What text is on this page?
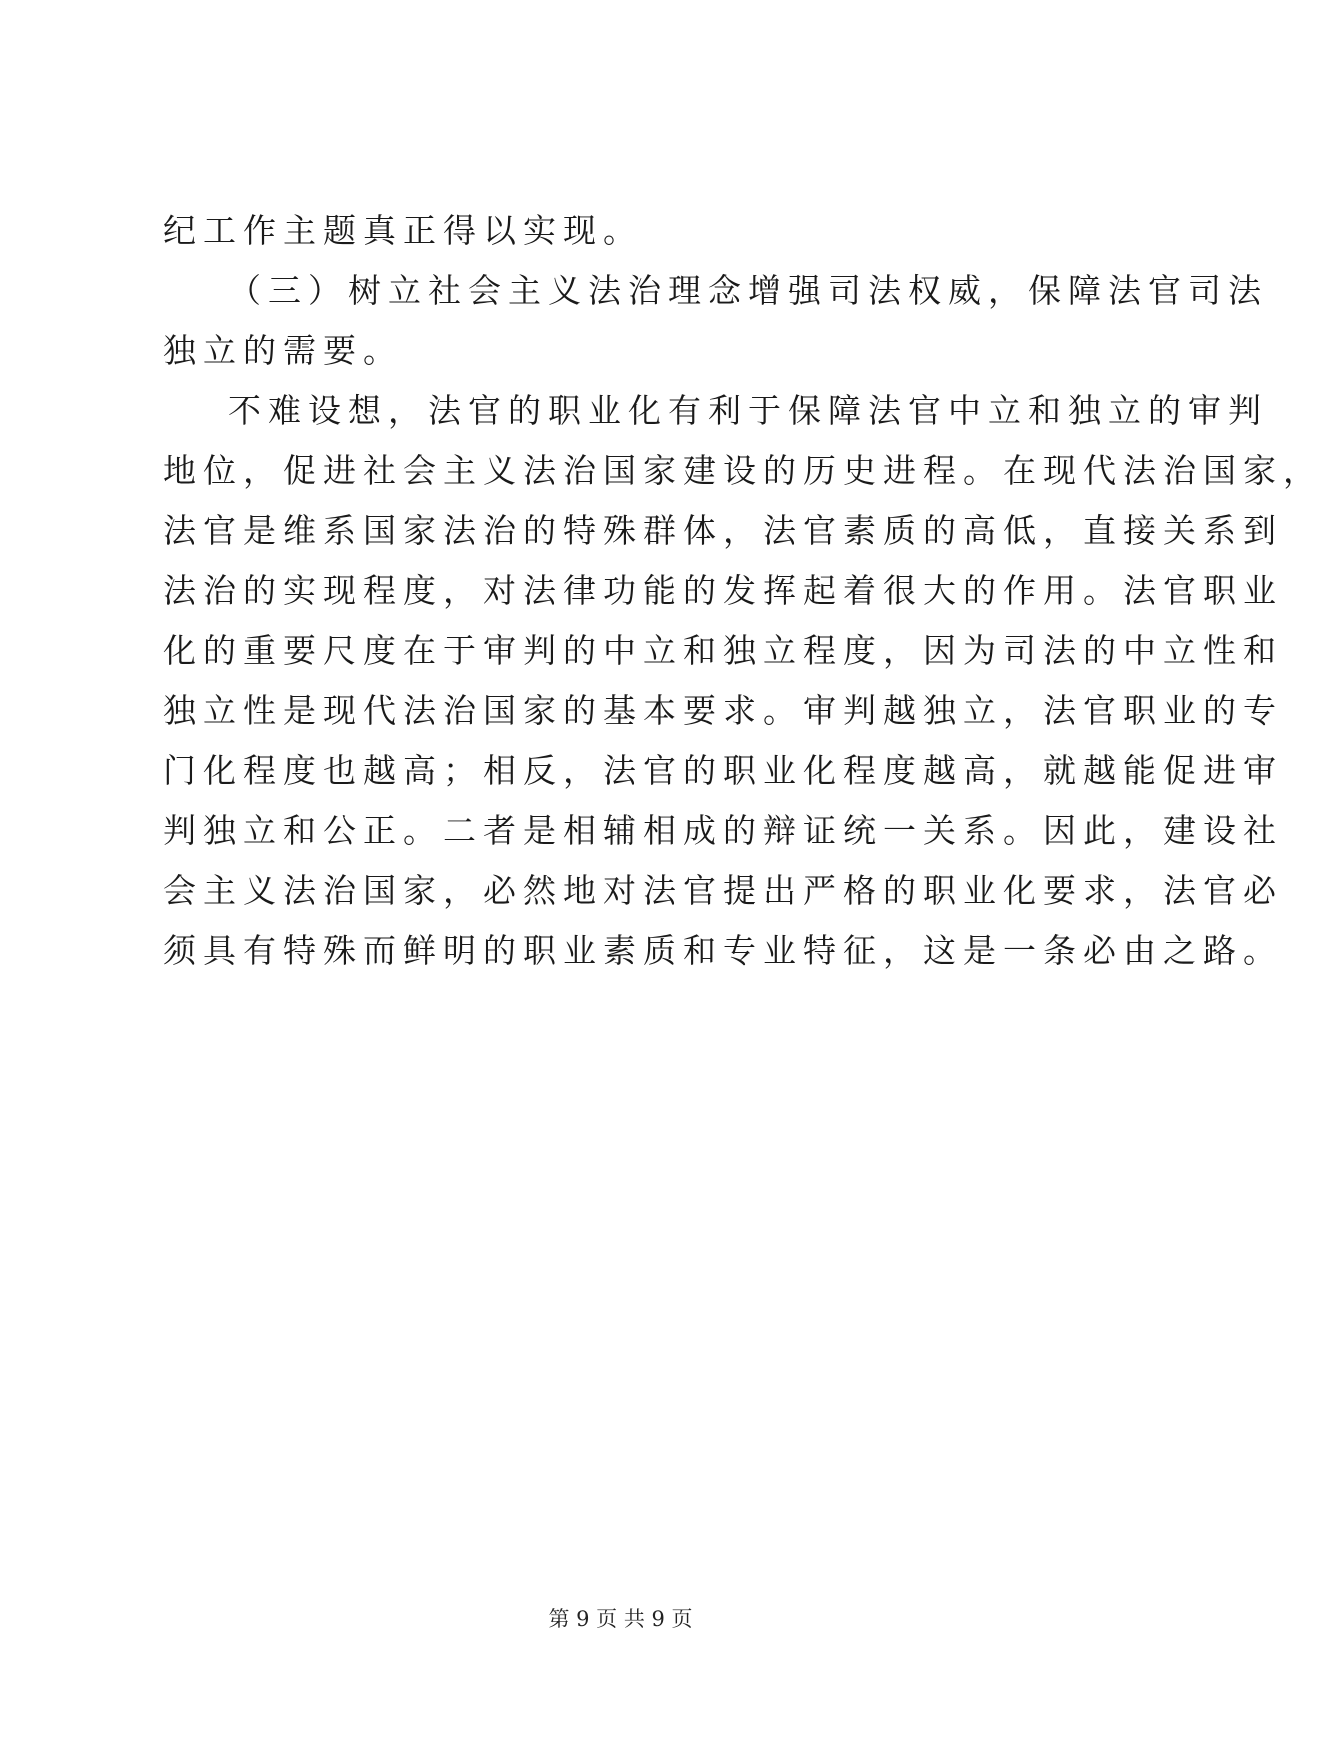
纪工作主题真正得以实现。
（三）树立社会主义法治理念增强司法权威，保障法官司法
独立的需要。
不难设想，法官的职业化有利于保障法官中立和独立的审判
地位，促进社会主义法治国家建设的历史进程。在现代法治国家，
法官是维系国家法治的特殊群体，法官素质的高低，直接关系到
法治的实现程度，对法律功能的发挥起着很大的作用。法官职业
化的重要尺度在于审判的中立和独立程度，因为司法的中立性和
独立性是现代法治国家的基本要求。审判越独立，法官职业的专
门化程度也越高；相反，法官的职业化程度越高，就越能促进审
判独立和公正。二者是相辅相成的辩证统一关系。因此，建设社
会主义法治国家，必然地对法官提出严格的职业化要求，法官必
须具有特殊而鲜明的职业素质和专业特征，这是一条必由之路。
第 9 页 共 9 页
